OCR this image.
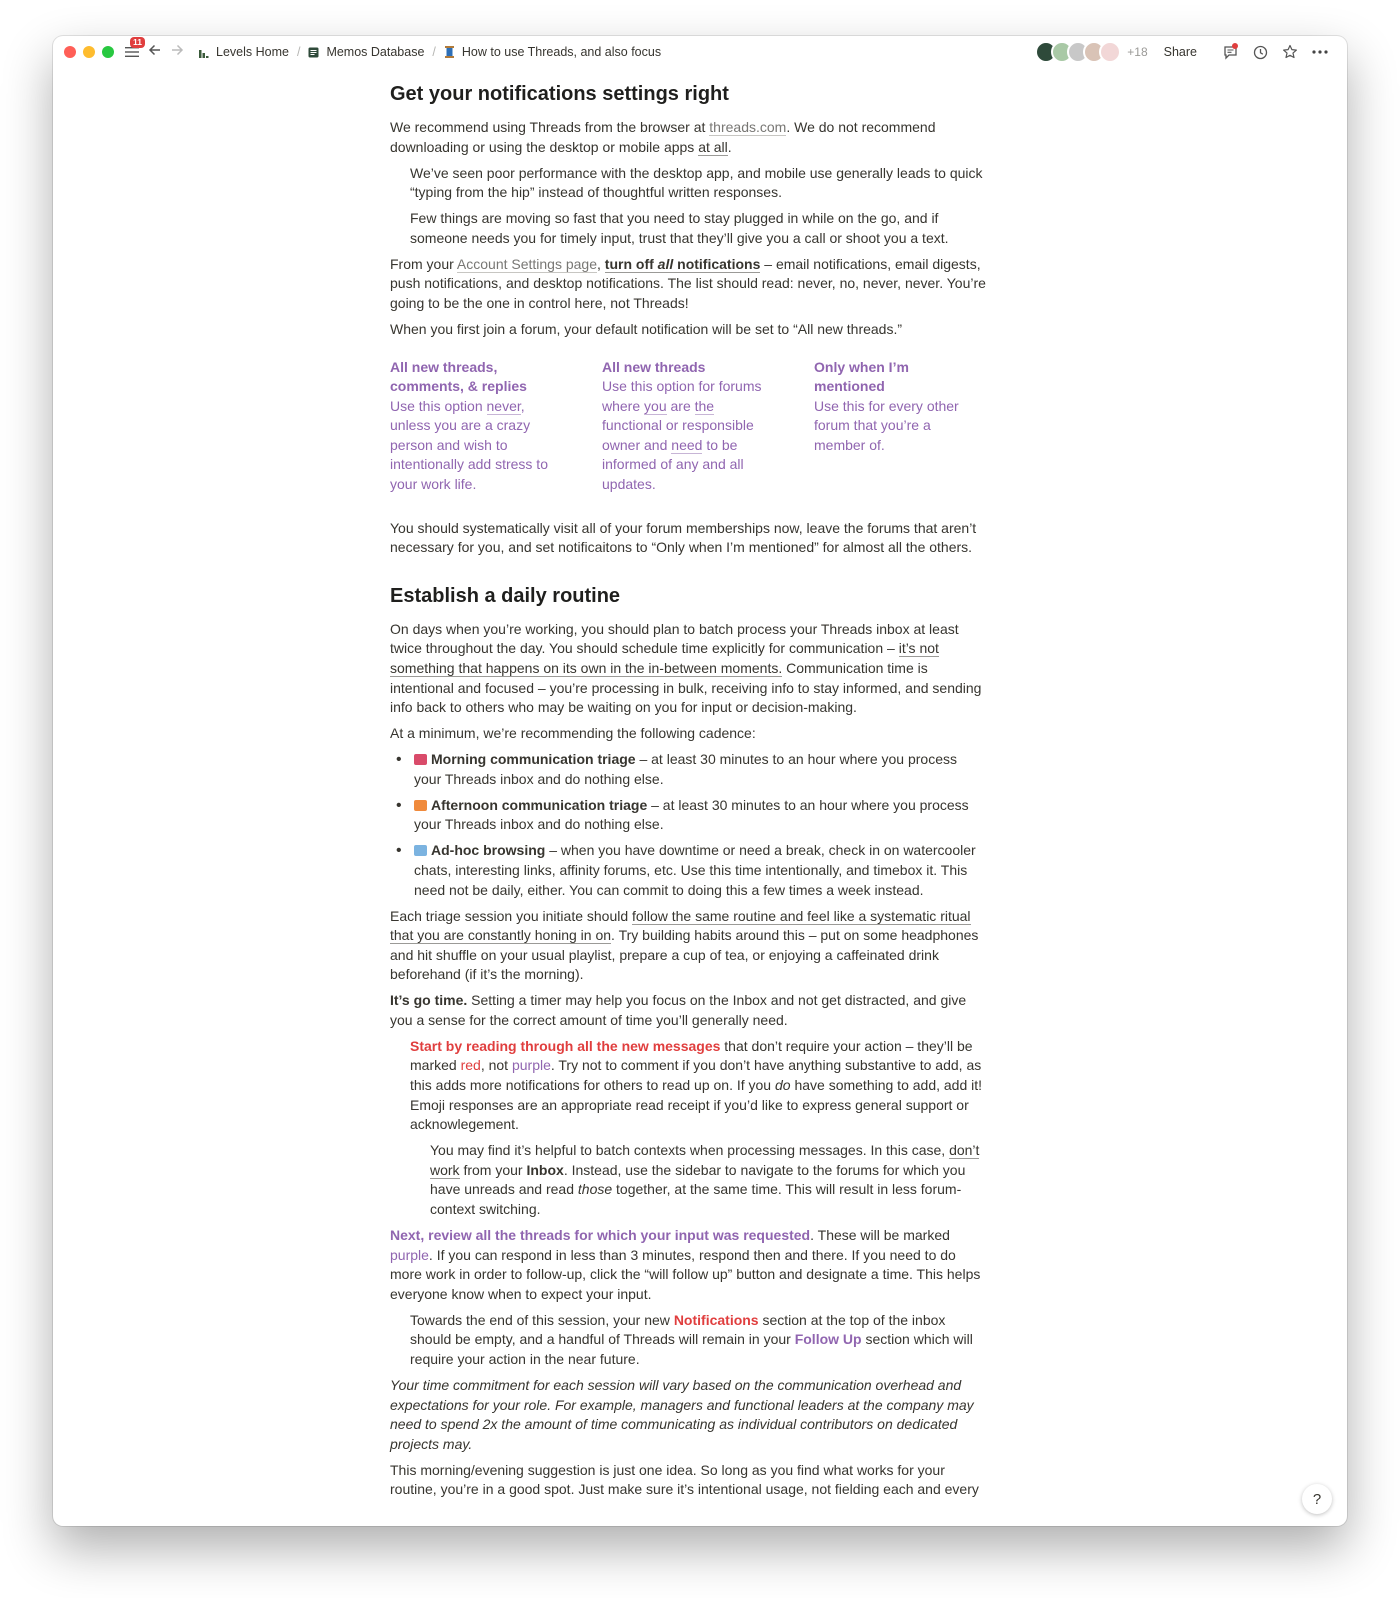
11
Levels Home / Memos Database / How to use Threads, and also focus	+18 Share
Get your notifications settings right

We recommend using Threads from the browser at threads.com. We do not recommend downloading or using the desktop or mobile apps at all.

We’ve seen poor performance with the desktop app, and mobile use generally leads to quick “typing from the hip” instead of thoughtful written responses.

Few things are moving so fast that you need to stay plugged in while on the go, and if someone needs you for timely input, trust that they’ll give you a call or shoot you a text.

From your Account Settings page, turn off all notifications – email notifications, email digests, push notifications, and desktop notifications. The list should read: never, no, never, never. You’re going to be the one in control here, not Threads!

When you first join a forum, your default notification will be set to “All new threads.”

All new threads, comments, & replies
Use this option never, unless you are a crazy person and wish to intentionally add stress to your work life.
All new threads
Use this option for forums where you are the functional or responsible owner and need to be informed of any and all updates.
Only when I’m mentioned
Use this for every other forum that you’re a member of.

You should systematically visit all of your forum memberships now, leave the forums that aren’t necessary for you, and set notificaitons to “Only when I’m mentioned” for almost all the others.

Establish a daily routine

On days when you’re working, you should plan to batch process your Threads inbox at least twice throughout the day. You should schedule time explicitly for communication – it’s not something that happens on its own in the in-between moments. Communication time is intentional and focused – you’re processing in bulk, receiving info to stay informed, and sending info back to others who may be waiting on you for input or decision-making.

At a minimum, we’re recommending the following cadence:

• Morning communication triage – at least 30 minutes to an hour where you process your Threads inbox and do nothing else.
• Afternoon communication triage – at least 30 minutes to an hour where you process your Threads inbox and do nothing else.
• Ad-hoc browsing – when you have downtime or need a break, check in on watercooler chats, interesting links, affinity forums, etc. Use this time intentionally, and timebox it. This need not be daily, either. You can commit to doing this a few times a week instead.

Each triage session you initiate should follow the same routine and feel like a systematic ritual that you are constantly honing in on. Try building habits around this – put on some headphones and hit shuffle on your usual playlist, prepare a cup of tea, or enjoying a caffeinated drink beforehand (if it’s the morning).

It’s go time. Setting a timer may help you focus on the Inbox and not get distracted, and give you a sense for the correct amount of time you’ll generally need.

Start by reading through all the new messages that don’t require your action – they’ll be marked red, not purple. Try not to comment if you don’t have anything substantive to add, as this adds more notifications for others to read up on. If you do have something to add, add it! Emoji responses are an appropriate read receipt if you’d like to express general support or acknowlegement.

You may find it’s helpful to batch contexts when processing messages. In this case, don’t work from your Inbox. Instead, use the sidebar to navigate to the forums for which you have unreads and read those together, at the same time. This will result in less forum-context switching.

Next, review all the threads for which your input was requested. These will be marked purple. If you can respond in less than 3 minutes, respond then and there. If you need to do more work in order to follow-up, click the “will follow up” button and designate a time. This helps everyone know when to expect your input.

Towards the end of this session, your new Notifications section at the top of the inbox should be empty, and a handful of Threads will remain in your Follow Up section which will require your action in the near future.

Your time commitment for each session will vary based on the communication overhead and expectations for your role. For example, managers and functional leaders at the company may need to spend 2x the amount of time communicating as individual contributors on dedicated projects may.

This morning/evening suggestion is just one idea. So long as you find what works for your routine, you’re in a good spot. Just make sure it’s intentional usage, not fielding each and every

?
